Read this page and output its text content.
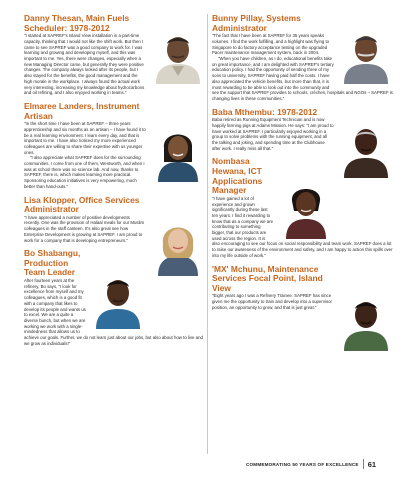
Danny Thesan, Main Fuels
Scheduler: 1978-2012

"I started at SAPREF's Island View installation in a part-time capacity, thinking that I would not like the shift work. But then I came to see SAPREF was a good company to work for. I was learning and growing and developing myself, and this was important to me. Yes, there were changes, especially when a new Managing Director came, but generally they were positive changes. The company always looked after its people, but I also stayed for the benefits, the good management and the high morale in the workplace. I always found the actual work very interesting, increasing my knowledge about hydrocarbons and oil refining, and I also enjoyed working in teams."

Elmaree Landers, Instrument
Artisan

"In the short time I have been at SAPREF – three years apprenticeship and six months as an artisan – I have found it to be a real learning environment. I learn every day, and that is important to me. I have also noticed my more experienced colleagues are willing to share their expertise with us younger ones.

"I also appreciate what SAPREF does for the surrounding communities. I come from one of them, Wentworth, and when I was at school there was no science lab. And now, thanks to SAPREF, there is, which makes learning more practical. Sponsoring education initiatives is very empowering, much better than hand-outs."

Lisa Klopper, Office Services
Administrator

"I have appreciated a number of positive developments recently. One was the provision of Halaal meals for our Muslim colleagues in the staff canteen. It's also great see how Enterprise Development is growing at SAPREF. I am proud to work for a company that is developing entrepreneurs."

Bo Shabangu, Production
Team Leader

After fourteen years at the refinery, Bo says, "I look for excellence from myself and my colleagues, which is a good fit with a company that likes to develop its people and wants us to excel. We are a quite a diverse bunch, but when we are working we work with a single-mindedness that allows us to achieve our goals. Further, we do not learn just about our jobs, but also about how to live and we grow as individuals!"

Bunny Pillay, Systems
Administrator

"The fact that I have been at SAPREF for 35 years speaks volumes. I find the work fulfilling, and a highlight was flying to Singapore to do factory acceptance testing on the upgraded Pacer maintenance management system, back in 2004.

"When you have children, as I do, educational benefits take on great importance, and I am delighted with SAPREF's tertiary education policy. I had the opportunity of sending three of my sons to university, SAPREF having paid half the costs. I have also appreciated the vehicle benefits, but more than that, it is most rewarding to be able to look out into the community and see the support that SAPREF provides to schools, crèches, hospitals and NGOs – SAPREF is changing lives in these communities."

Baba Mthembu: 1978-2012

Baba retired as Running Equipment Technician and is now happily farming pigs at Adams Mission. He says: "I am proud to have worked at SAPREF. I particularly enjoyed working in a group to solve problems with the running equipment, and all the talking and joking, and spending time at the Clubhouse after work. I really miss all that."

Nombasa Hewana, ICT
Applications Manager

"I have gained a lot of experience and grown significantly during these last ten years. I find it rewarding to know that as a company we are contributing to something bigger, that our products are used across the region. It is also encouraging to see our focus on social responsibility and team work. SAPREF does a lot to raise our awareness of the environment and safety, and I am happy to action this spills over into my life outside of work."

'MX' Mchunu, Maintenance
Services Focal Point, Island
View

"Eight years ago I was a Refinery Trainee. SAPREF has since given me the opportunity to train and develop into a supervisor position, an opportunity to grow, and that is just great."

COMMEMORATING 50 YEARS OF EXCELLENCE 61
